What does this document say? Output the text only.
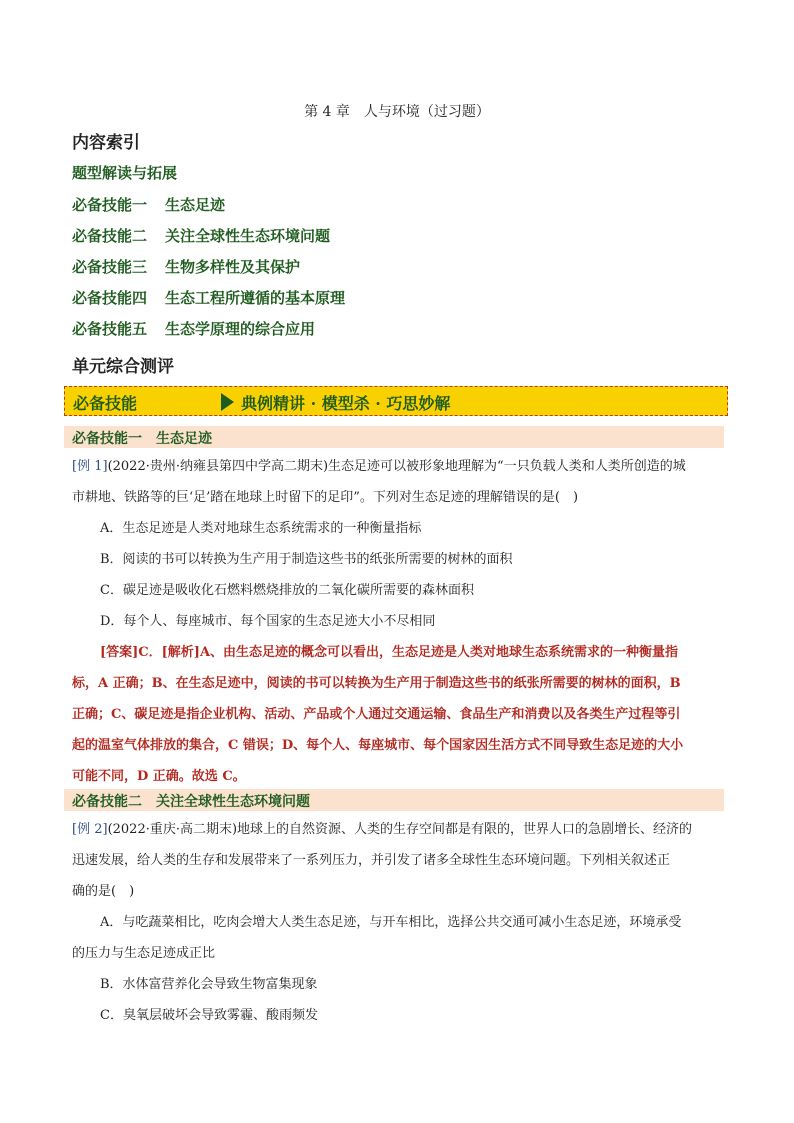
第 4 章 人与环境（过习题）
内容索引
题型解读与拓展
必备技能一 生态足迹
必备技能二 关注全球性生态环境问题
必备技能三 生物多样性及其保护
必备技能四 生态工程所遵循的基本原理
必备技能五 生态学原理的综合应用
单元综合测评
必备技能	典例精讲 · 模型杀 · 巧思妙解
必备技能一　生态足迹
[例 1](2022·贵州·纳雍县第四中学高二期末)生态足迹可以被形象地理解为“一只负载人类和人类所创造的城
市耕地、铁路等的巨‘足’踏在地球上时留下的足印”。下列对生态足迹的理解错误的是(　)
A．生态足迹是人类对地球生态系统需求的一种衡量指标
B．阅读的书可以转换为生产用于制造这些书的纸张所需要的树林的面积
C．碳足迹是吸收化石燃料燃烧排放的二氧化碳所需要的森林面积
D．每个人、每座城市、每个国家的生态足迹大小不尽相同
[答案]C．[解析]A、由生态足迹的概念可以看出，生态足迹是人类对地球生态系统需求的一种衡量指
标，A 正确；B、在生态足迹中，阅读的书可以转换为生产用于制造这些书的纸张所需要的树林的面积，B
正确；C、碳足迹是指企业机构、活动、产品或个人通过交通运输、食品生产和消费以及各类生产过程等引
起的温室气体排放的集合，C 错误；D、每个人、每座城市、每个国家因生活方式不同导致生态足迹的大小
可能不同，D 正确。故选 C。
必备技能二　关注全球性生态环境问题
[例 2](2022·重庆·高二期末)地球上的自然资源、人类的生存空间都是有限的，世界人口的急剧增长、经济的
迅速发展，给人类的生存和发展带来了一系列压力，并引发了诸多全球性生态环境问题。下列相关叙述正
确的是(　)
A．与吃蔬菜相比，吃肉会增大人类生态足迹，与开车相比，选择公共交通可减小生态足迹，环境承受
的压力与生态足迹成正比
B．水体富营养化会导致生物富集现象
C．臭氧层破坏会导致雾霾、酸雨频发
